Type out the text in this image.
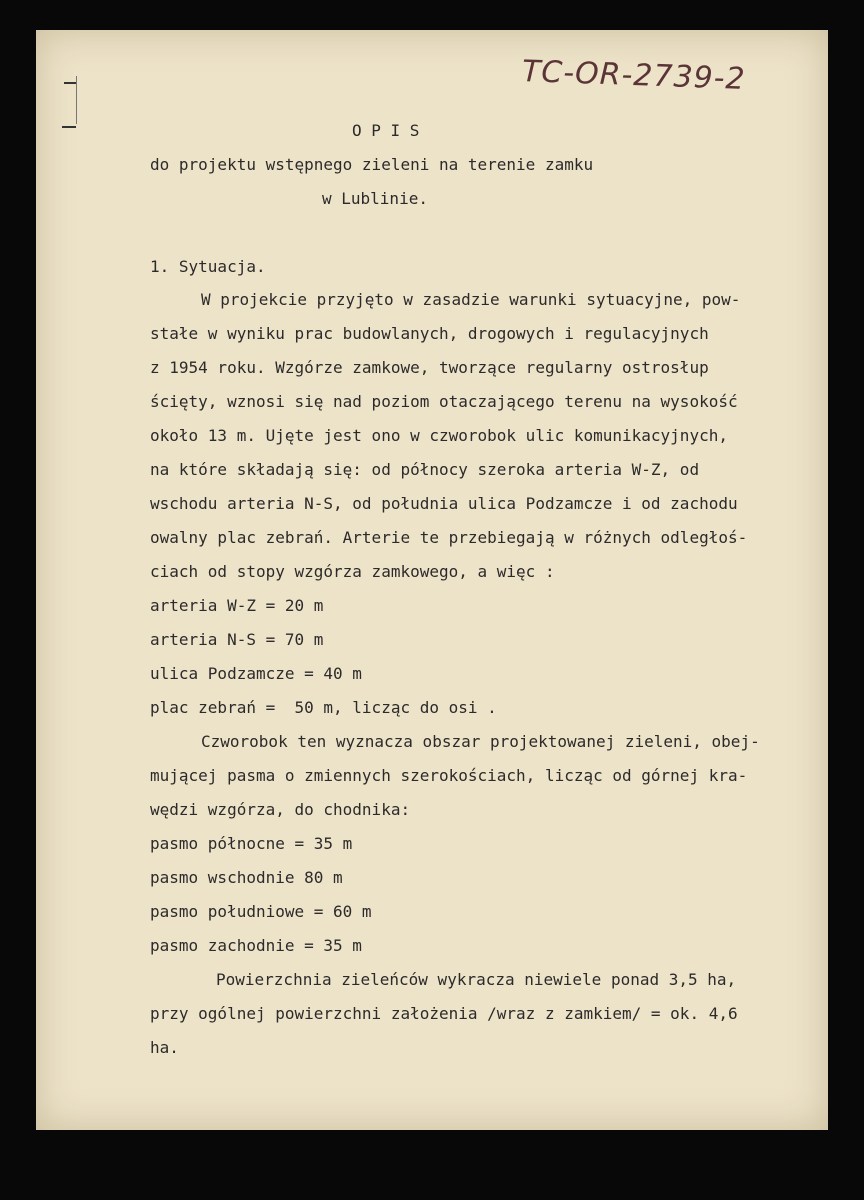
TC-OR-2739-2
O P I S
do projektu wstępnego zieleni na terenie zamku
w Lublinie.
1. Sytuacja.
W projekcie przyjęto w zasadzie warunki sytuacyjne, pow-
stałe w wyniku prac budowlanych, drogowych i regulacyjnych
z 1954 roku. Wzgórze zamkowe, tworzące regularny ostrosłup
ścięty, wznosi się nad poziom otaczającego terenu na wysokość
około 13 m. Ujęte jest ono w czworobok ulic komunikacyjnych,
na które składają się: od północy szeroka arteria W-Z, od
wschodu arteria N-S, od południa ulica Podzamcze i od zachodu
owalny plac zebrań. Arterie te przebiegają w różnych odległoś-
ciach od stopy wzgórza zamkowego, a więc :
arteria W-Z = 20 m
arteria N-S = 70 m
ulica Podzamcze = 40 m
plac zebrań =  50 m, licząc do osi .
Czworobok ten wyznacza obszar projektowanej zieleni, obej-
mującej pasma o zmiennych szerokościach, licząc od górnej kra-
wędzi wzgórza, do chodnika:
pasmo północne = 35 m
pasmo wschodnie 80 m
pasmo południowe = 60 m
pasmo zachodnie = 35 m
Powierzchnia zieleńców wykracza niewiele ponad 3,5 ha,
przy ogólnej powierzchni założenia /wraz z zamkiem/ = ok. 4,6
ha.
